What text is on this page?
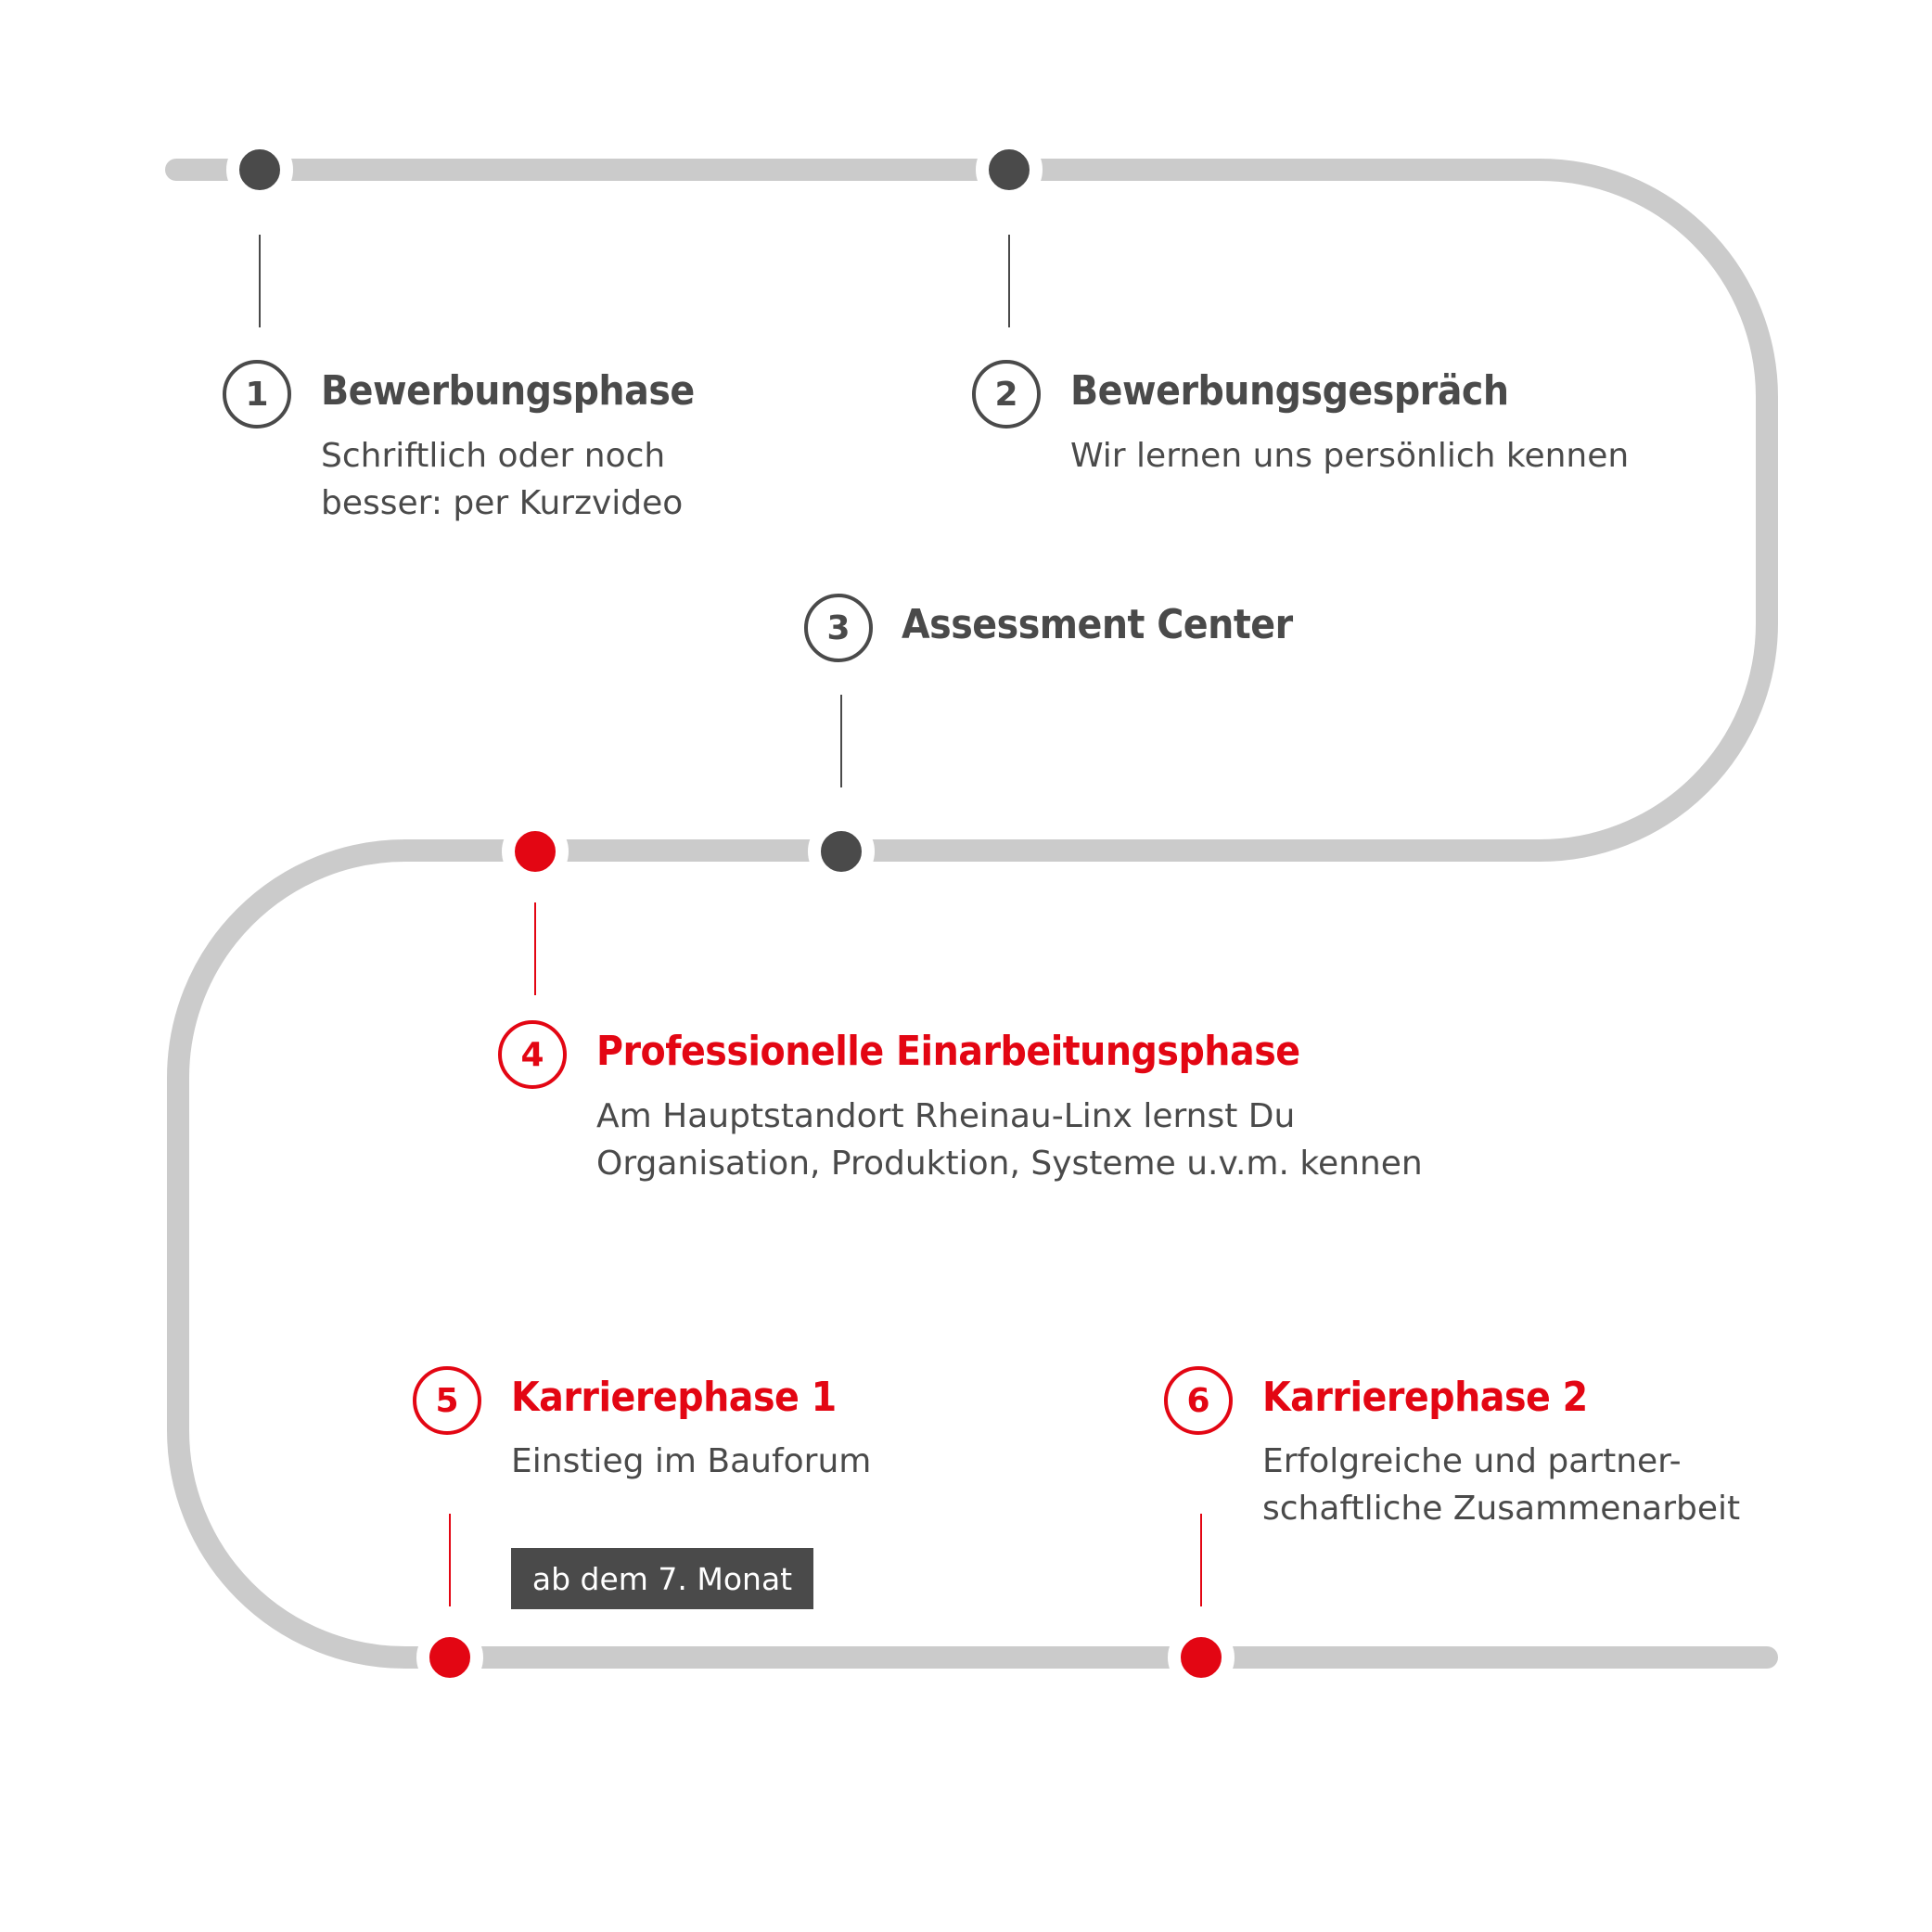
1	Bewerbungsphase
Schriftlich oder noch
besser: per Kurzvideo
2	Bewerbungsgespräch
Wir lernen uns persönlich kennen
3	Assessment Center
4	Professionelle Einarbeitungsphase
Am Hauptstandort Rheinau-Linx lernst Du
Organisation, Produktion, Systeme u.v.m. kennen
5	Karrierephase 1
Einstieg im Bauforum
ab dem 7. Monat
6	Karrierephase 2
Erfolgreiche und partner-
schaftliche Zusammenarbeit
